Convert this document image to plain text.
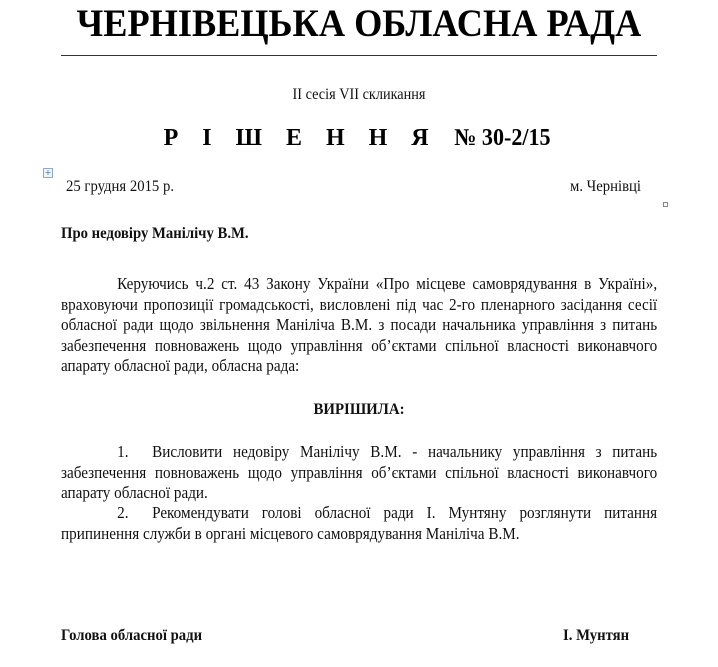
ЧЕРНІВЕЦЬКА ОБЛАСНА РАДА
ІІ сесія VІІ скликання
Р І Ш Е Н Н Я № 30-2/15
+
25 грудня 2015 р.	м. Чернівці
Про недовіру Манілічу В.М.
Керуючись ч.2 ст. 43 Закону України «Про місцеве самоврядування в Україні», враховуючи пропозиції громадськості, висловлені під час 2-го пленарного засідання сесії обласної ради щодо звільнення Маніліча В.М. з посади начальника управління з питань забезпечення повноважень щодо управління об’єктами спільної власності виконавчого апарату обласної ради, обласна рада:
ВИРІШИЛА:
1. Висловити недовіру Манілічу В.М. - начальнику управління з питань забезпечення повноважень щодо управління об’єктами спільної власності виконавчого апарату обласної ради.
2. Рекомендувати голові обласної ради І. Мунтяну розглянути питання припинення служби в органі місцевого самоврядування Маніліча В.М.
Голова обласної ради	І. Мунтян
